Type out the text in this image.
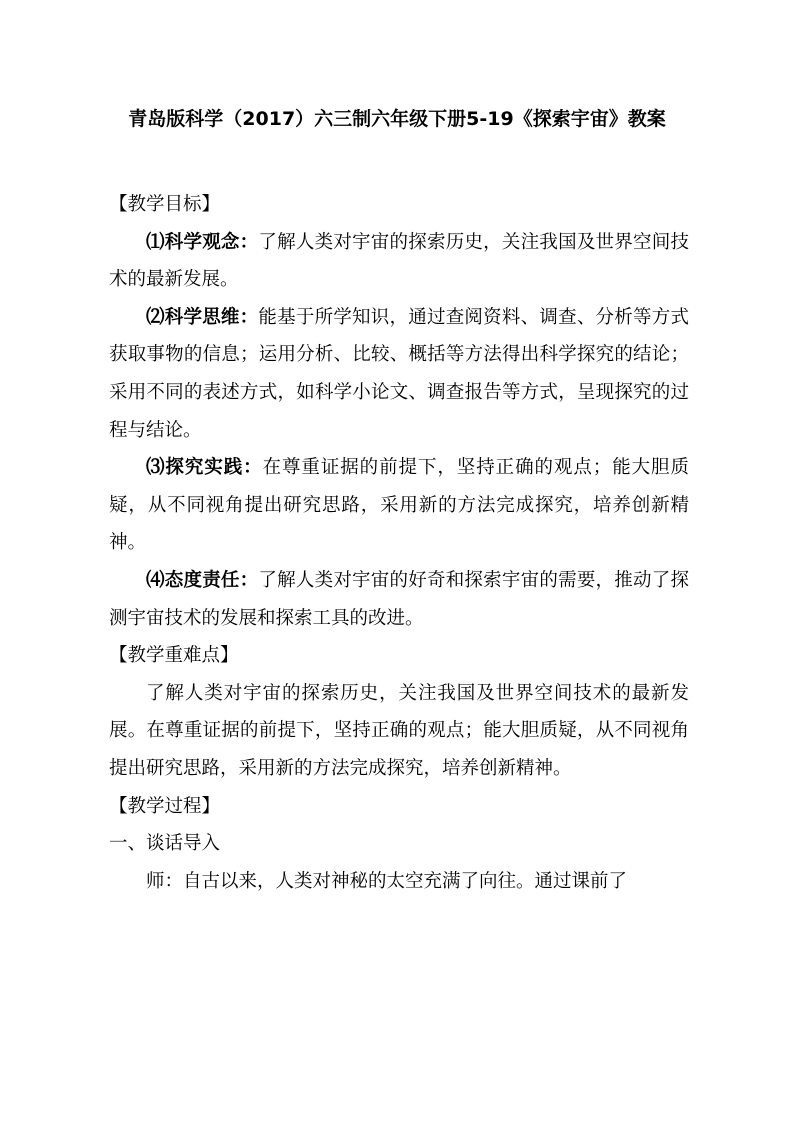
青岛版科学（2017）六三制六年级下册5-19《探索宇宙》教案

【教学目标】

⑴科学观念：了解人类对宇宙的探索历史，关注我国及世界空间技术的最新发展。

⑵科学思维：能基于所学知识，通过查阅资料、调查、分析等方式获取事物的信息；运用分析、比较、概括等方法得出科学探究的结论；采用不同的表述方式，如科学小论文、调查报告等方式，呈现探究的过程与结论。

⑶探究实践：在尊重证据的前提下，坚持正确的观点；能大胆质疑，从不同视角提出研究思路，采用新的方法完成探究，培养创新精神。

⑷态度责任：了解人类对宇宙的好奇和探索宇宙的需要，推动了探测宇宙技术的发展和探索工具的改进。

【教学重难点】

了解人类对宇宙的探索历史，关注我国及世界空间技术的最新发展。在尊重证据的前提下，坚持正确的观点；能大胆质疑，从不同视角提出研究思路，采用新的方法完成探究，培养创新精神。

【教学过程】

一、谈话导入

师：自古以来，人类对神秘的太空充满了向往。通过课前了
